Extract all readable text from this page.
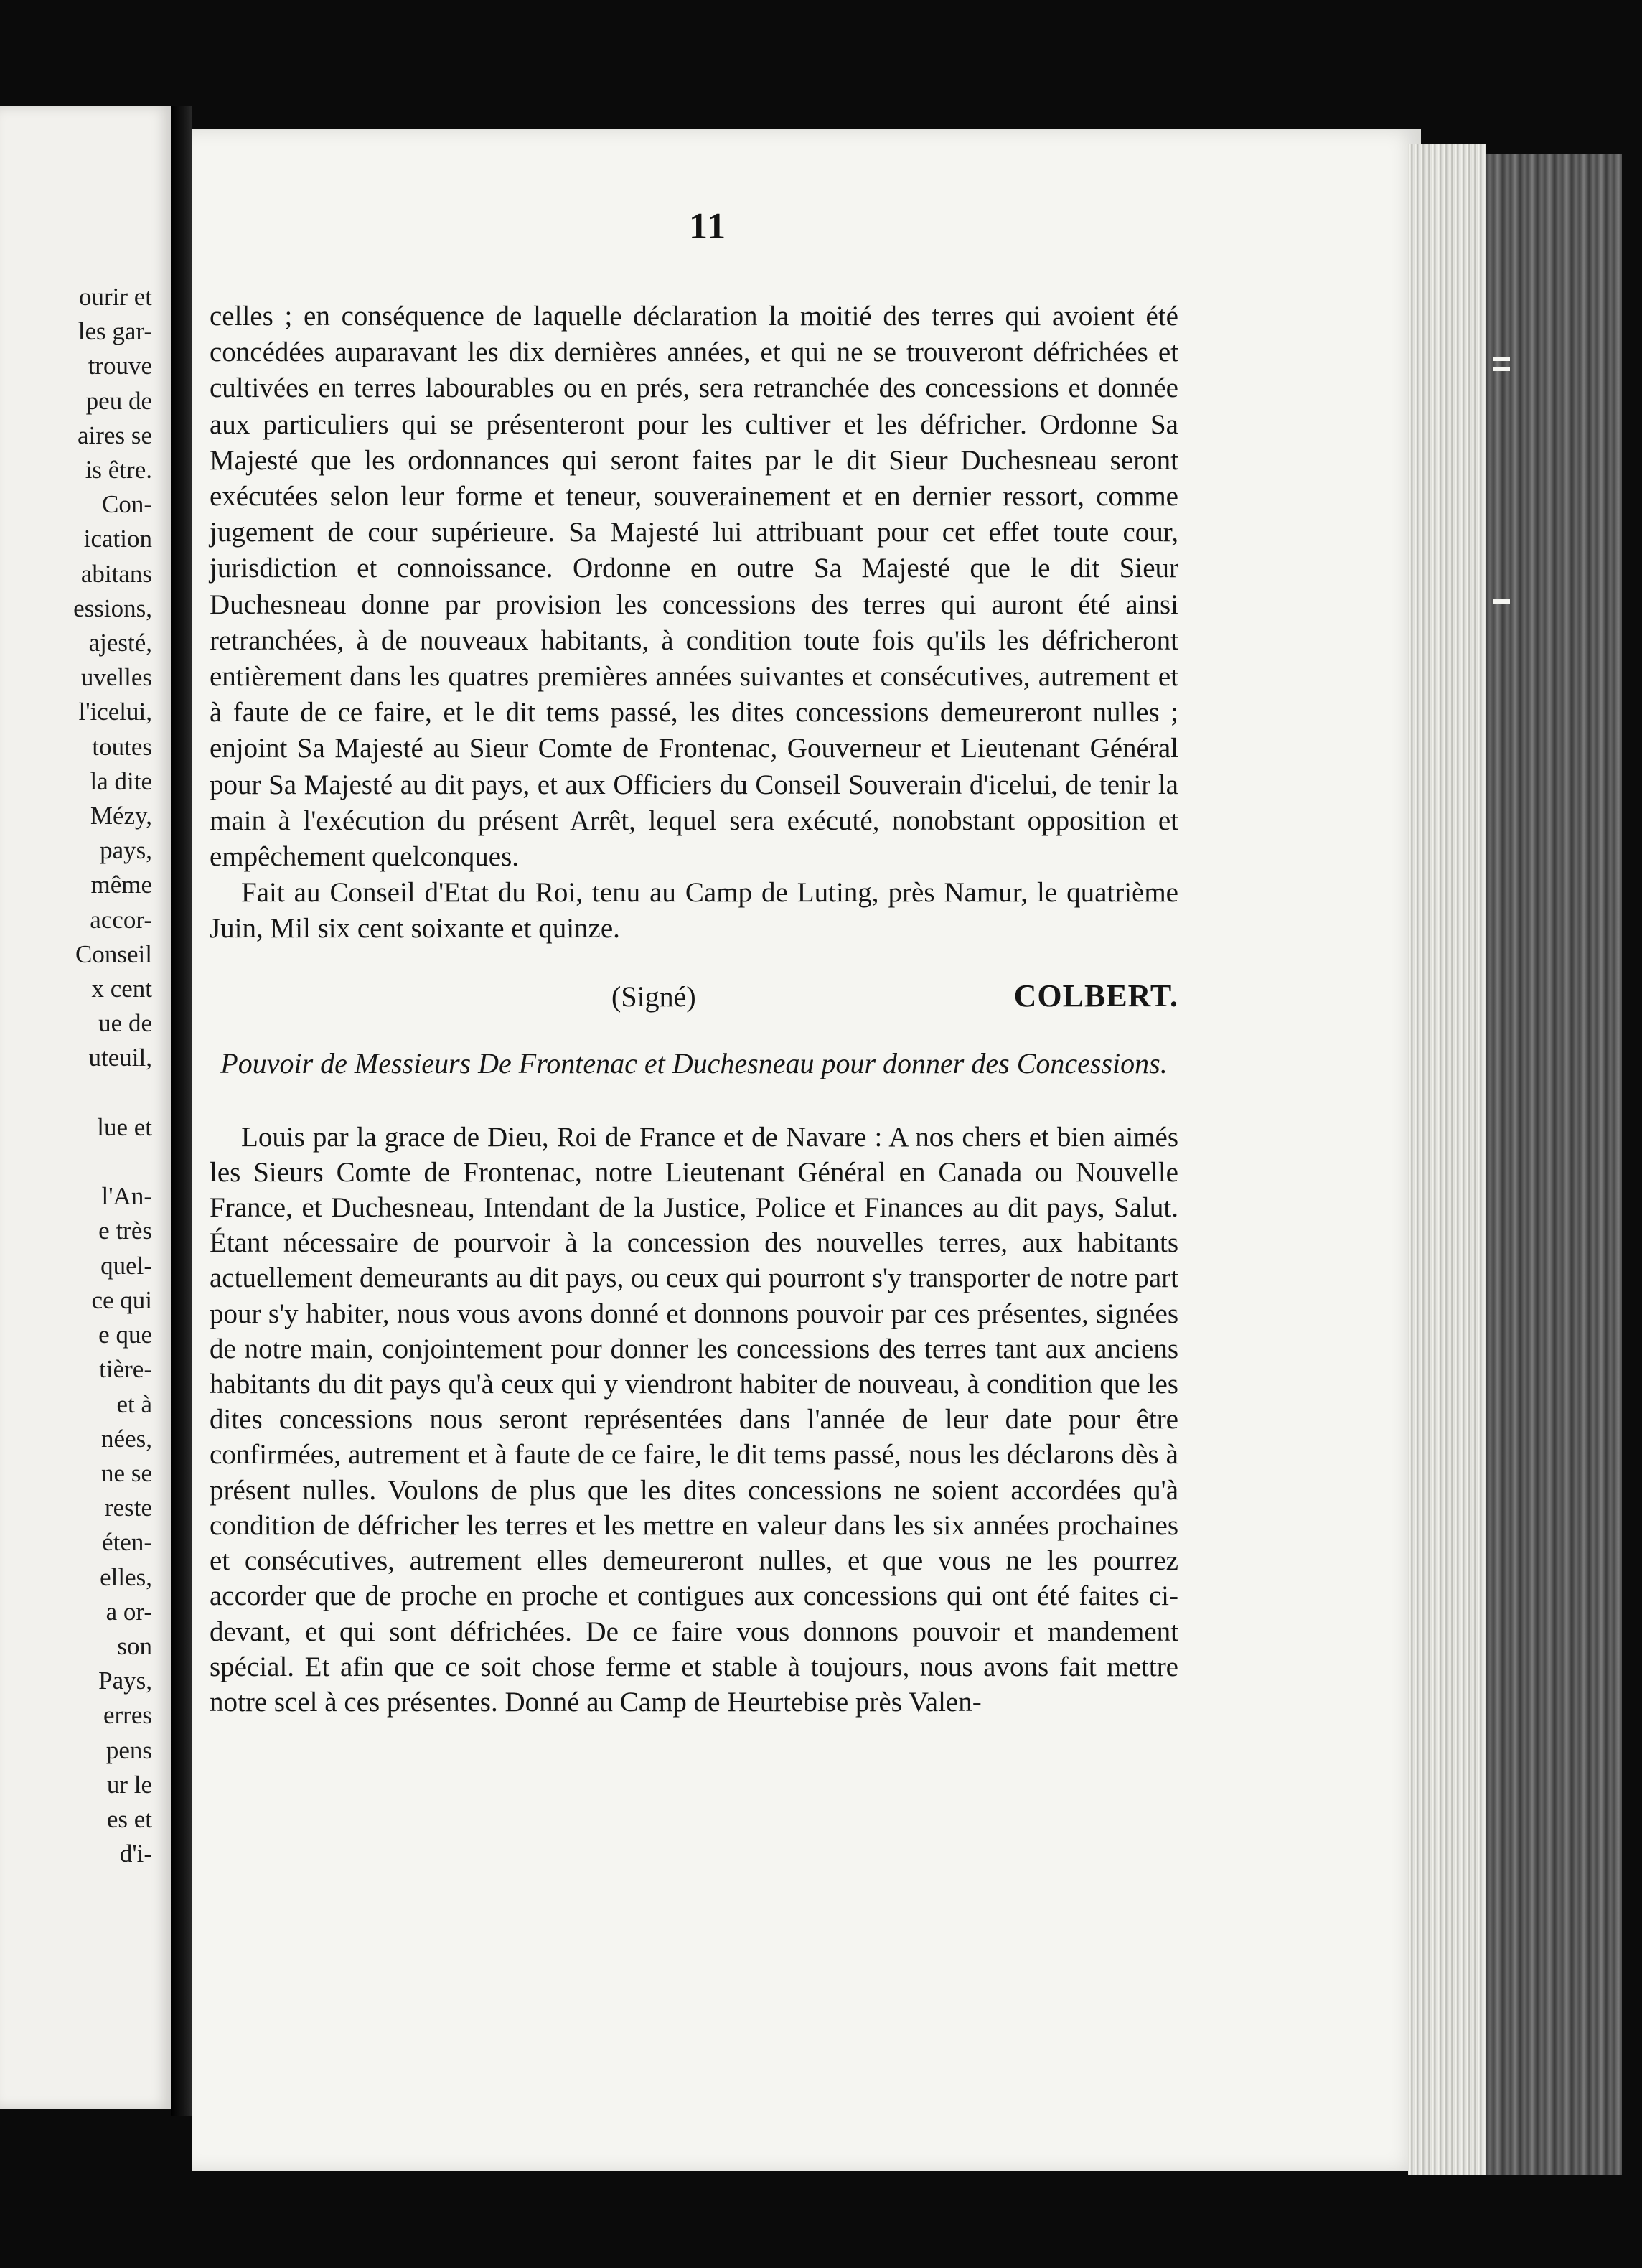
ourir et
les gar-
trouve
peu de
aires se
is être.
Con-
ication
abitans
essions,
ajesté,
uvelles
l'icelui,
toutes
la dite
Mézy,
pays,
même
accor-
Conseil
x cent
ue de
uteuil,

lue et

l'An-
e très
quel-
ce qui
e que
tière-
et à
nées,
ne se
reste
éten-
elles,
a or-
son
Pays,
erres
pens
ur le
es et
d'i-
11

celles ; en conséquence de laquelle déclaration la moitié des terres qui avoient été concédées auparavant les dix dernières années, et qui ne se trouveront défrichées et cultivées en terres labourables ou en prés, sera retranchée des concessions et donnée aux particuliers qui se présenteront pour les cultiver et les défricher. Ordonne Sa Majesté que les ordonnances qui seront faites par le dit Sieur Duchesneau seront exécutées selon leur forme et teneur, souverainement et en dernier ressort, comme jugement de cour supérieure. Sa Majesté lui attribuant pour cet effet toute cour, jurisdiction et connoissance. Ordonne en outre Sa Majesté que le dit Sieur Duchesneau donne par provision les concessions des terres qui auront été ainsi retranchées, à de nouveaux habitants, à condition toute fois qu'ils les défricheront entièrement dans les quatres premières années suivantes et consécutives, autrement et à faute de ce faire, et le dit tems passé, les dites concessions demeureront nulles ; enjoint Sa Majesté au Sieur Comte de Frontenac, Gouverneur et Lieutenant Général pour Sa Majesté au dit pays, et aux Officiers du Conseil Souverain d'icelui, de tenir la main à l'exécution du présent Arrêt, lequel sera exécuté, nonobstant opposition et empêchement quelconques.

Fait au Conseil d'Etat du Roi, tenu au Camp de Luting, près Namur, le quatrième Juin, Mil six cent soixante et quinze.

(Signé)	COLBERT.
Pouvoir de Messieurs De Frontenac et Duchesneau pour donner des Concessions.

Louis par la grace de Dieu, Roi de France et de Navare : A nos chers et bien aimés les Sieurs Comte de Frontenac, notre Lieutenant Général en Canada ou Nouvelle France, et Duchesneau, Intendant de la Justice, Police et Finances au dit pays, Salut. Étant nécessaire de pourvoir à la concession des nouvelles terres, aux habitants actuellement demeurants au dit pays, ou ceux qui pourront s'y transporter de notre part pour s'y habiter, nous vous avons donné et donnons pouvoir par ces présentes, signées de notre main, conjointement pour donner les concessions des terres tant aux anciens habitants du dit pays qu'à ceux qui y viendront habiter de nouveau, à condition que les dites concessions nous seront représentées dans l'année de leur date pour être confirmées, autrement et à faute de ce faire, le dit tems passé, nous les déclarons dès à présent nulles. Voulons de plus que les dites concessions ne soient accordées qu'à condition de défricher les terres et les mettre en valeur dans les six années prochaines et consécutives, autrement elles demeureront nulles, et que vous ne les pourrez accorder que de proche en proche et contigues aux concessions qui ont été faites ci-devant, et qui sont défrichées. De ce faire vous donnons pouvoir et mandement spécial. Et afin que ce soit chose ferme et stable à toujours, nous avons fait mettre notre scel à ces présentes. Donné au Camp de Heurtebise près Valen-
